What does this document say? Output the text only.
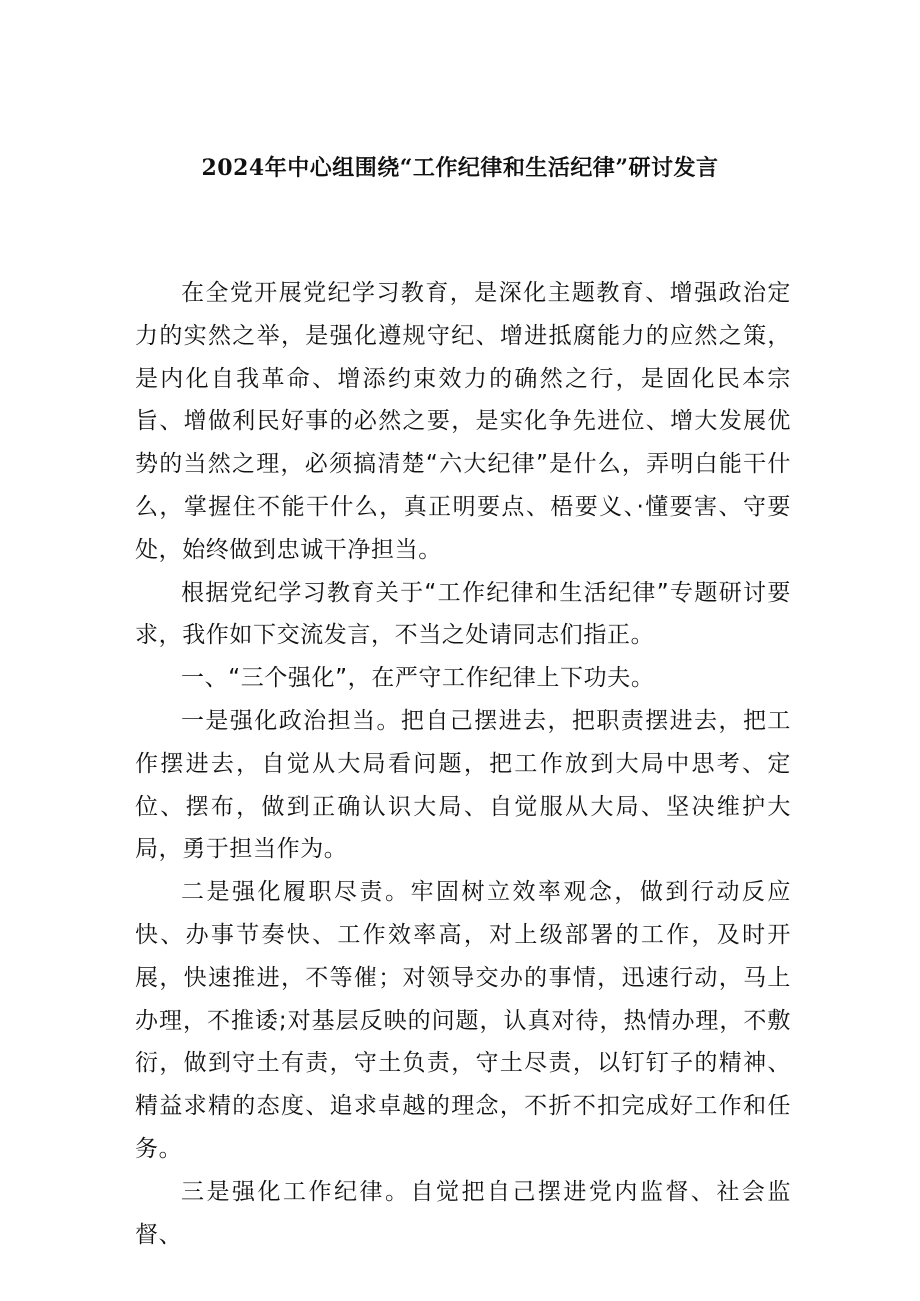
2024年中心组围绕“工作纪律和生活纪律”研讨发言

在全党开展党纪学习教育，是深化主题教育、增强政治定力的实然之举，是强化遵规守纪、增进抵腐能力的应然之策，是内化自我革命、增添约束效力的确然之行，是固化民本宗旨、增做利民好事的必然之要，是实化争先进位、增大发展优势的当然之理，必须搞清楚“六大纪律”是什么，弄明白能干什么，掌握住不能干什么，真正明要点、梧要义、·懂要害、守要处，始终做到忠诚干净担当。

根据党纪学习教育关于“工作纪律和生活纪律”专题研讨要求，我作如下交流发言，不当之处请同志们指正。

一、“三个强化”，在严守工作纪律上下功夫。

一是强化政治担当。把自己摆进去，把职责摆进去，把工作摆进去，自觉从大局看问题，把工作放到大局中思考、定位、摆布，做到正确认识大局、自觉服从大局、坚决维护大局，勇于担当作为。

二是强化履职尽责。牢固树立效率观念，做到行动反应快、办事节奏快、工作效率高，对上级部署的工作，及时开展，快速推进，不等催；对领导交办的事情，迅速行动，马上办理，不推诿;对基层反映的问题，认真对待，热情办理，不敷衍，做到守土有责，守土负责，守土尽责，以钉钉子的精神、精益求精的态度、追求卓越的理念，不折不扣完成好工作和任务。

三是强化工作纪律。自觉把自己摆进党内监督、社会监督、
